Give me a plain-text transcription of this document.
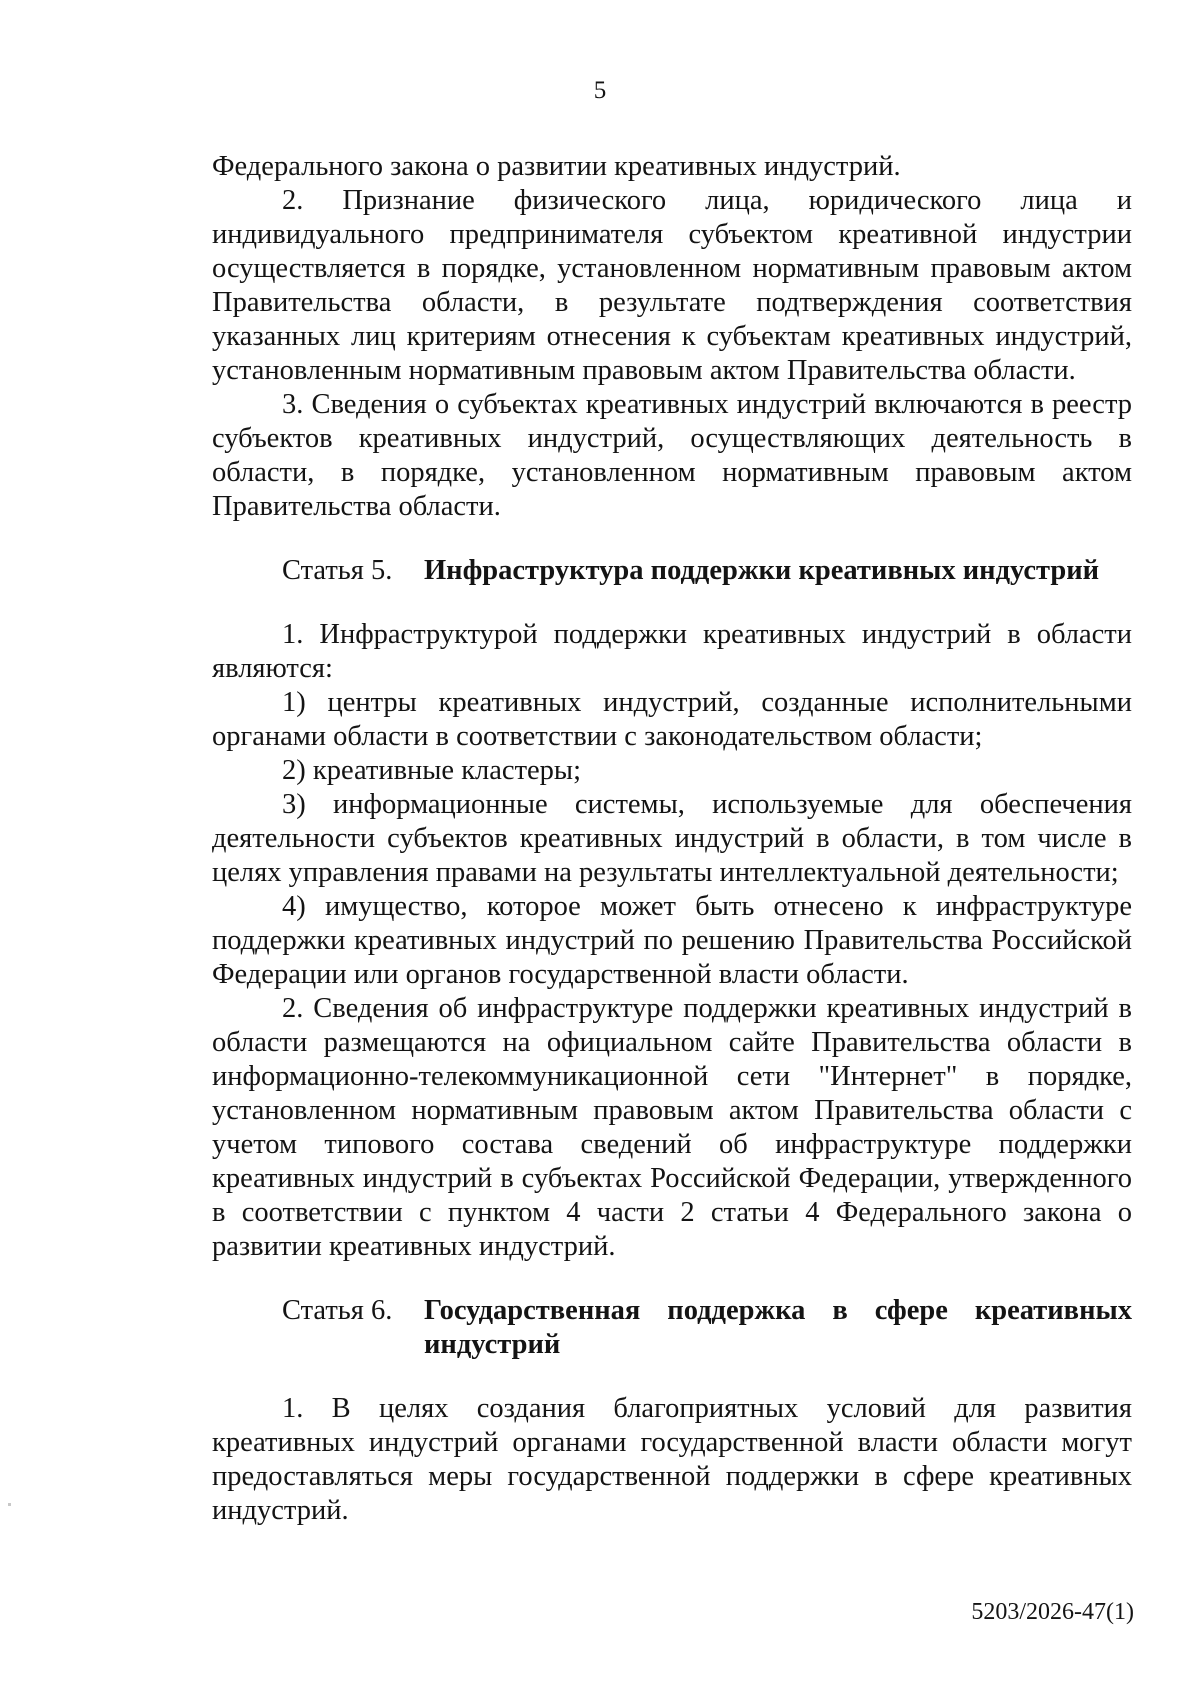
5

Федерального закона о развитии креативных индустрий.

2. Признание физического лица, юридического лица и индивидуального предпринимателя субъектом креативной индустрии осуществляется в порядке, установленном нормативным правовым актом Правительства области, в результате подтверждения соответствия указанных лиц критериям отнесения к субъектам креативных индустрий, установленным нормативным правовым актом Правительства области.

3. Сведения о субъектах креативных индустрий включаются в реестр субъектов креативных индустрий, осуществляющих деятельность в области, в порядке, установленном нормативным правовым актом Правительства области.

Статья 5.	Инфраструктура поддержки креативных индустрий

1. Инфраструктурой поддержки креативных индустрий в области являются:

1) центры креативных индустрий, созданные исполнительными органами области в соответствии с законодательством области;

2) креативные кластеры;

3) информационные системы, используемые для обеспечения деятельности субъектов креативных индустрий в области, в том числе в целях управления правами на результаты интеллектуальной деятельности;

4) имущество, которое может быть отнесено к инфраструктуре поддержки креативных индустрий по решению Правительства Российской Федерации или органов государственной власти области.

2. Сведения об инфраструктуре поддержки креативных индустрий в области размещаются на официальном сайте Правительства области в информационно-телекоммуникационной сети "Интернет" в порядке, установленном нормативным правовым актом Правительства области с учетом типового состава сведений об инфраструктуре поддержки креативных индустрий в субъектах Российской Федерации, утвержденного в соответствии с пунктом 4 части 2 статьи 4 Федерального закона о развитии креативных индустрий.

Статья 6.	Государственная поддержка в сфере креативных индустрий

1. В целях создания благоприятных условий для развития креативных индустрий органами государственной власти области могут предоставляться меры государственной поддержки в сфере креативных индустрий.

5203/2026-47(1)
